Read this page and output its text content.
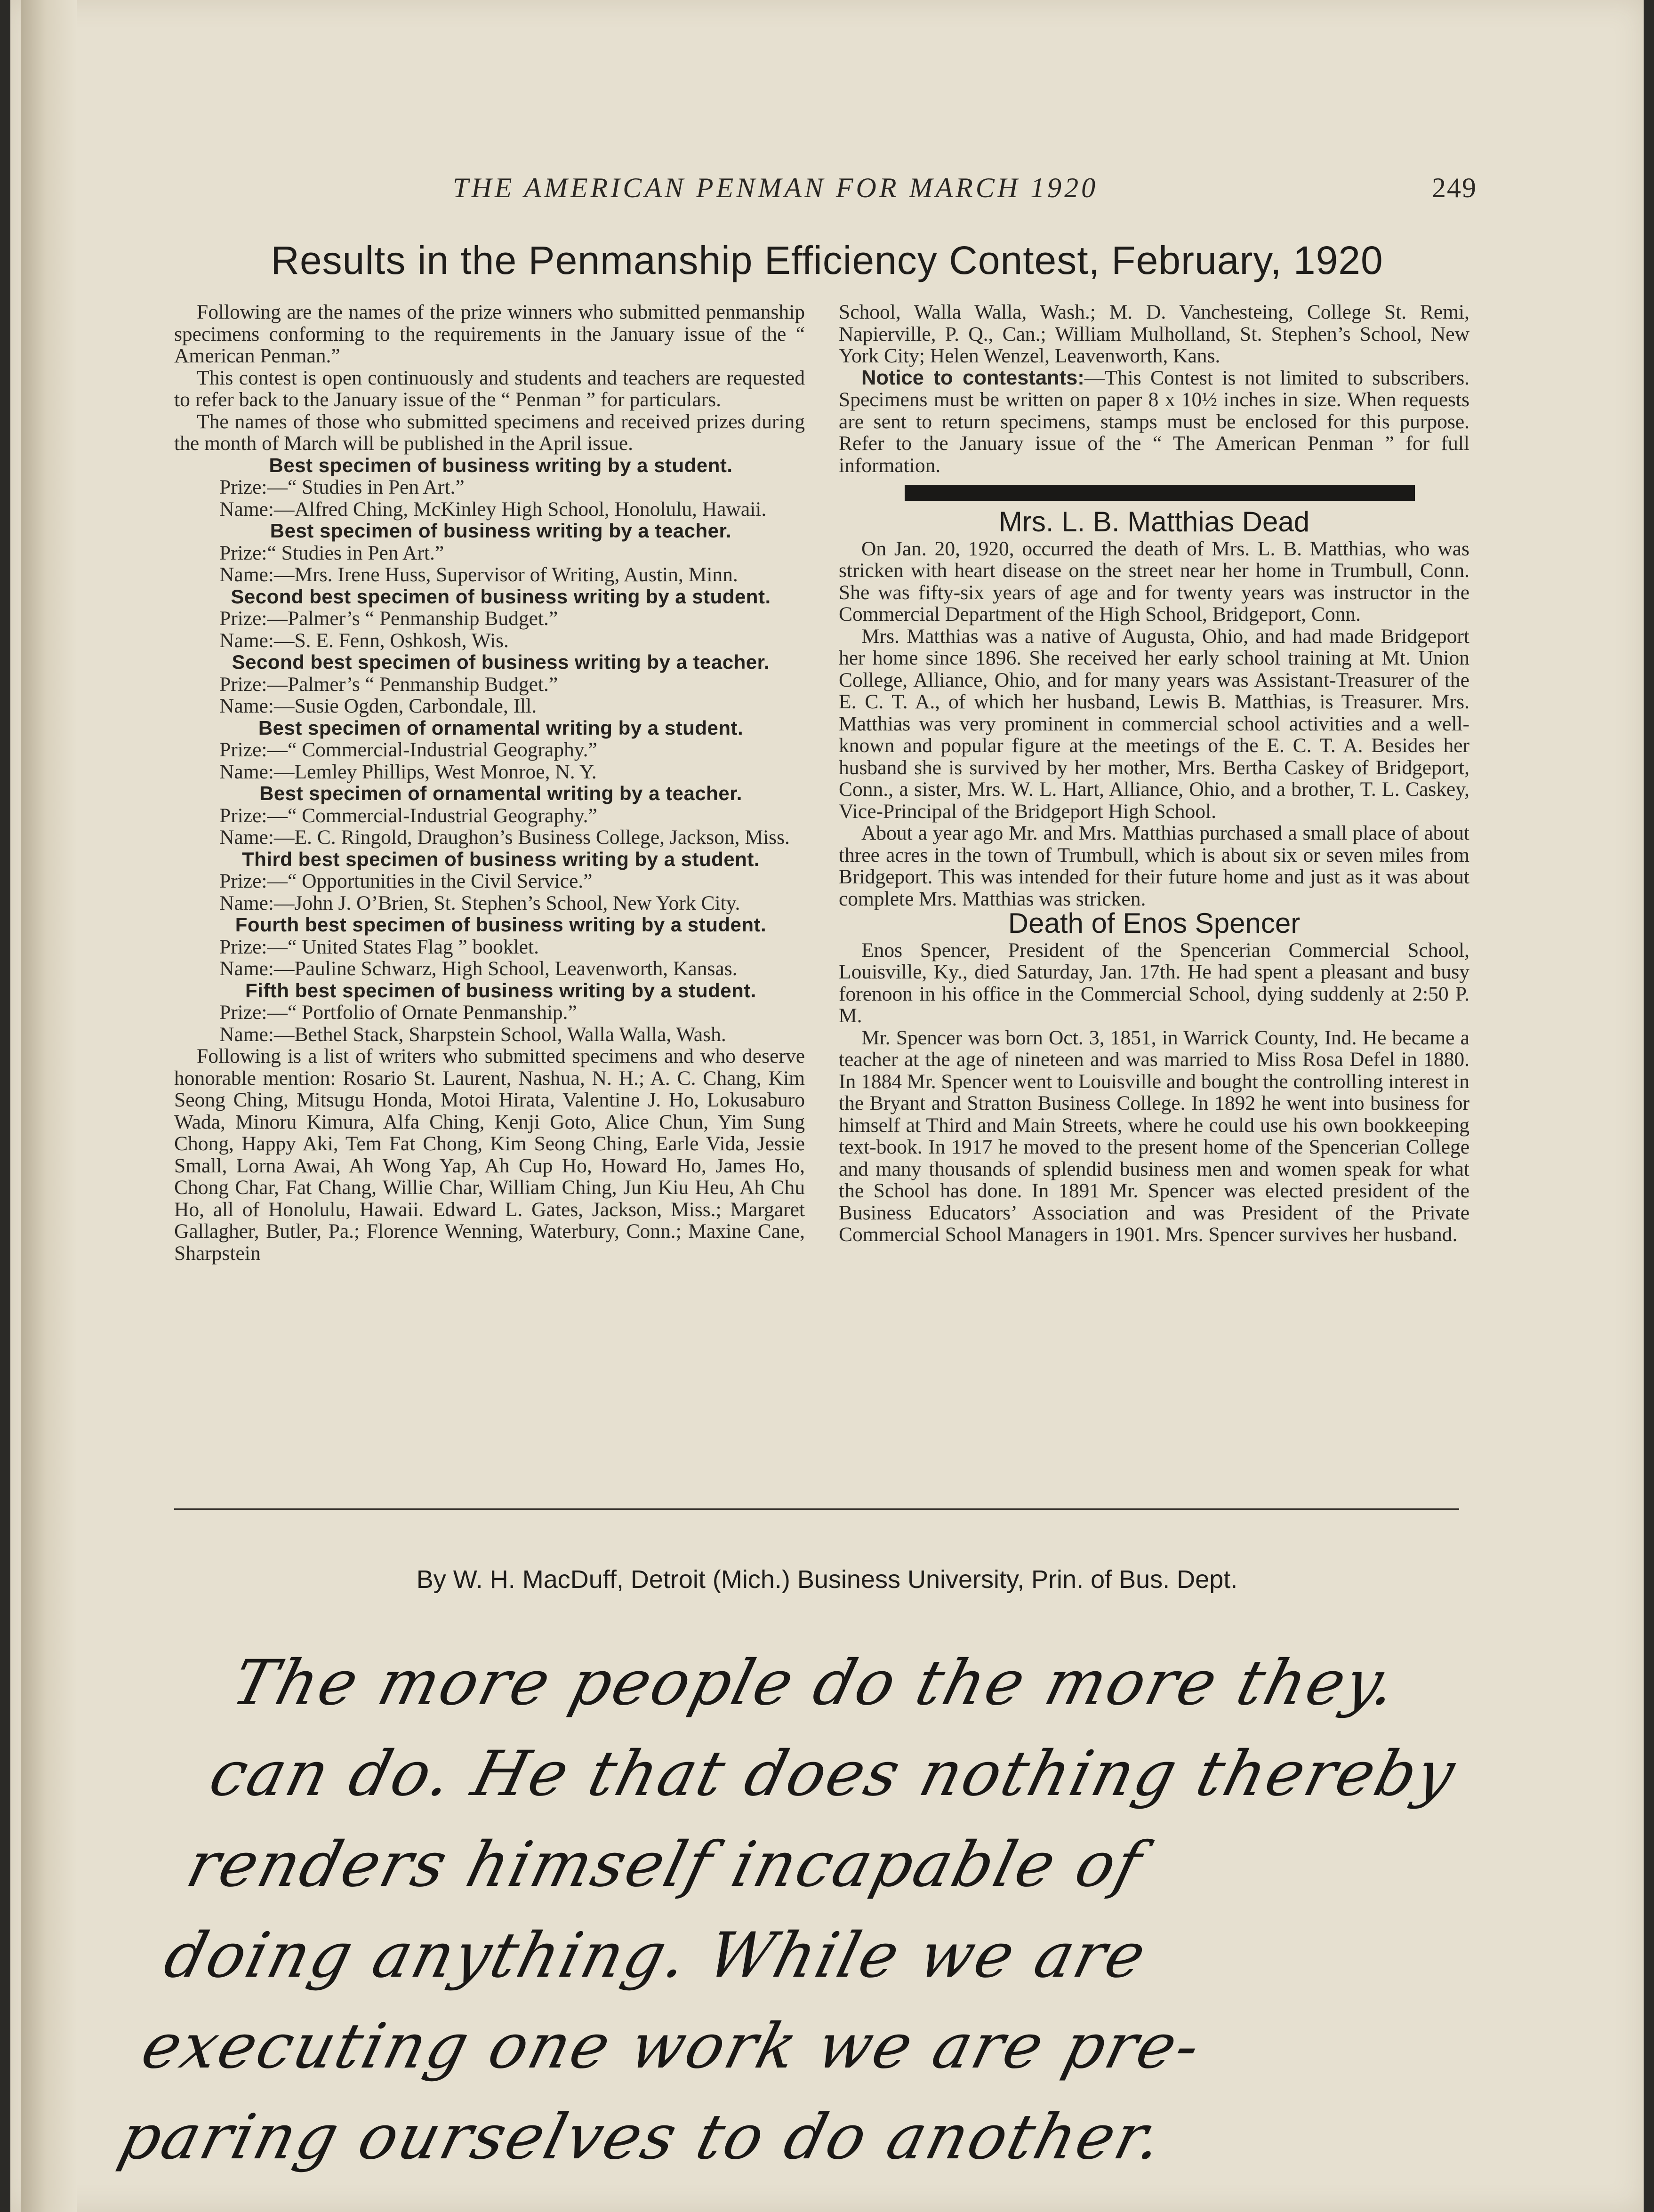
THE AMERICAN PENMAN FOR MARCH 1920	249
Results in the Penmanship Efficiency Contest, February, 1920

Following are the names of the prize winners who submitted penmanship specimens conforming to the requirements in the January issue of the “ American Penman.”

This contest is open continuously and students and teachers are requested to refer back to the January issue of the “ Penman ” for particulars.

The names of those who submitted specimens and received prizes during the month of March will be published in the April issue.

Best specimen of business writing by a student.

Prize:—“ Studies in Pen Art.”

Name:—Alfred Ching, McKinley High School, Honolulu, Hawaii.

Best specimen of business writing by a teacher.

Prize:“ Studies in Pen Art.”

Name:—Mrs. Irene Huss, Supervisor of Writing, Austin, Minn.

Second best specimen of business writing by a student.

Prize:—Palmer’s “ Penmanship Budget.”

Name:—S. E. Fenn, Oshkosh, Wis.

Second best specimen of business writing by a teacher.

Prize:—Palmer’s “ Penmanship Budget.”

Name:—Susie Ogden, Carbondale, Ill.

Best specimen of ornamental writing by a student.

Prize:—“ Commercial-Industrial Geography.”

Name:—Lemley Phillips, West Monroe, N. Y.

Best specimen of ornamental writing by a teacher.

Prize:—“ Commercial-Industrial Geography.”

Name:—E. C. Ringold, Draughon’s Business College, Jackson, Miss.

Third best specimen of business writing by a student.

Prize:—“ Opportunities in the Civil Service.”

Name:—John J. O’Brien, St. Stephen’s School, New York City.

Fourth best specimen of business writing by a student.

Prize:—“ United States Flag ” booklet.

Name:—Pauline Schwarz, High School, Leavenworth, Kansas.

Fifth best specimen of business writing by a student.

Prize:—“ Portfolio of Ornate Penmanship.”

Name:—Bethel Stack, Sharpstein School, Walla Walla, Wash.

Following is a list of writers who submitted specimens and who deserve honorable mention: Rosario St. Laurent, Nashua, N. H.; A. C. Chang, Kim Seong Ching, Mitsugu Honda, Motoi Hirata, Valentine J. Ho, Lokusaburo Wada, Minoru Kimura, Alfa Ching, Kenji Goto, Alice Chun, Yim Sung Chong, Happy Aki, Tem Fat Chong, Kim Seong Ching, Earle Vida, Jessie Small, Lorna Awai, Ah Wong Yap, Ah Cup Ho, Howard Ho, James Ho, Chong Char, Fat Chang, Willie Char, William Ching, Jun Kiu Heu, Ah Chu Ho, all of Honolulu, Hawaii. Edward L. Gates, Jackson, Miss.; Margaret Gallagher, Butler, Pa.; Florence Wenning, Waterbury, Conn.; Maxine Cane, Sharpstein

School, Walla Walla, Wash.; M. D. Vanchesteing, College St. Remi, Napierville, P. Q., Can.; William Mulholland, St. Stephen’s School, New York City; Helen Wenzel, Leavenworth, Kans.

Notice to contestants:—This Contest is not limited to subscribers. Specimens must be written on paper 8 x 10½ inches in size. When requests are sent to return specimens, stamps must be enclosed for this purpose. Refer to the January issue of the “ The American Penman ” for full information.

Mrs. L. B. Matthias Dead

On Jan. 20, 1920, occurred the death of Mrs. L. B. Matthias, who was stricken with heart disease on the street near her home in Trumbull, Conn. She was fifty-six years of age and for twenty years was instructor in the Commercial Department of the High School, Bridgeport, Conn.

Mrs. Matthias was a native of Augusta, Ohio, and had made Bridgeport her home since 1896. She received her early school training at Mt. Union College, Alliance, Ohio, and for many years was Assistant-Treasurer of the E. C. T. A., of which her husband, Lewis B. Matthias, is Treasurer. Mrs. Matthias was very prominent in commercial school activities and a well-known and popular figure at the meetings of the E. C. T. A. Besides her husband she is survived by her mother, Mrs. Bertha Caskey of Bridgeport, Conn., a sister, Mrs. W. L. Hart, Alliance, Ohio, and a brother, T. L. Caskey, Vice-Principal of the Bridgeport High School.

About a year ago Mr. and Mrs. Matthias purchased a small place of about three acres in the town of Trumbull, which is about six or seven miles from Bridgeport. This was intended for their future home and just as it was about complete Mrs. Matthias was stricken.

Death of Enos Spencer

Enos Spencer, President of the Spencerian Commercial School, Louisville, Ky., died Saturday, Jan. 17th. He had spent a pleasant and busy forenoon in his office in the Commercial School, dying suddenly at 2:50 P. M.

Mr. Spencer was born Oct. 3, 1851, in Warrick County, Ind. He became a teacher at the age of nineteen and was married to Miss Rosa Defel in 1880. In 1884 Mr. Spencer went to Louisville and bought the controlling interest in the Bryant and Stratton Business College. In 1892 he went into business for himself at Third and Main Streets, where he could use his own bookkeeping text-book. In 1917 he moved to the present home of the Spencerian College and many thousands of splendid business men and women speak for what the School has done. In 1891 Mr. Spencer was elected president of the Business Educators’ Association and was President of the Private Commercial School Managers in 1901. Mrs. Spencer survives her husband.

By W. H. MacDuff, Detroit (Mich.) Business University, Prin. of Bus. Dept.
The more people do the more they.
can do. He that does nothing thereby
renders himself incapable of
doing anything. While we are
executing one work we are pre-
paring ourselves to do another.
